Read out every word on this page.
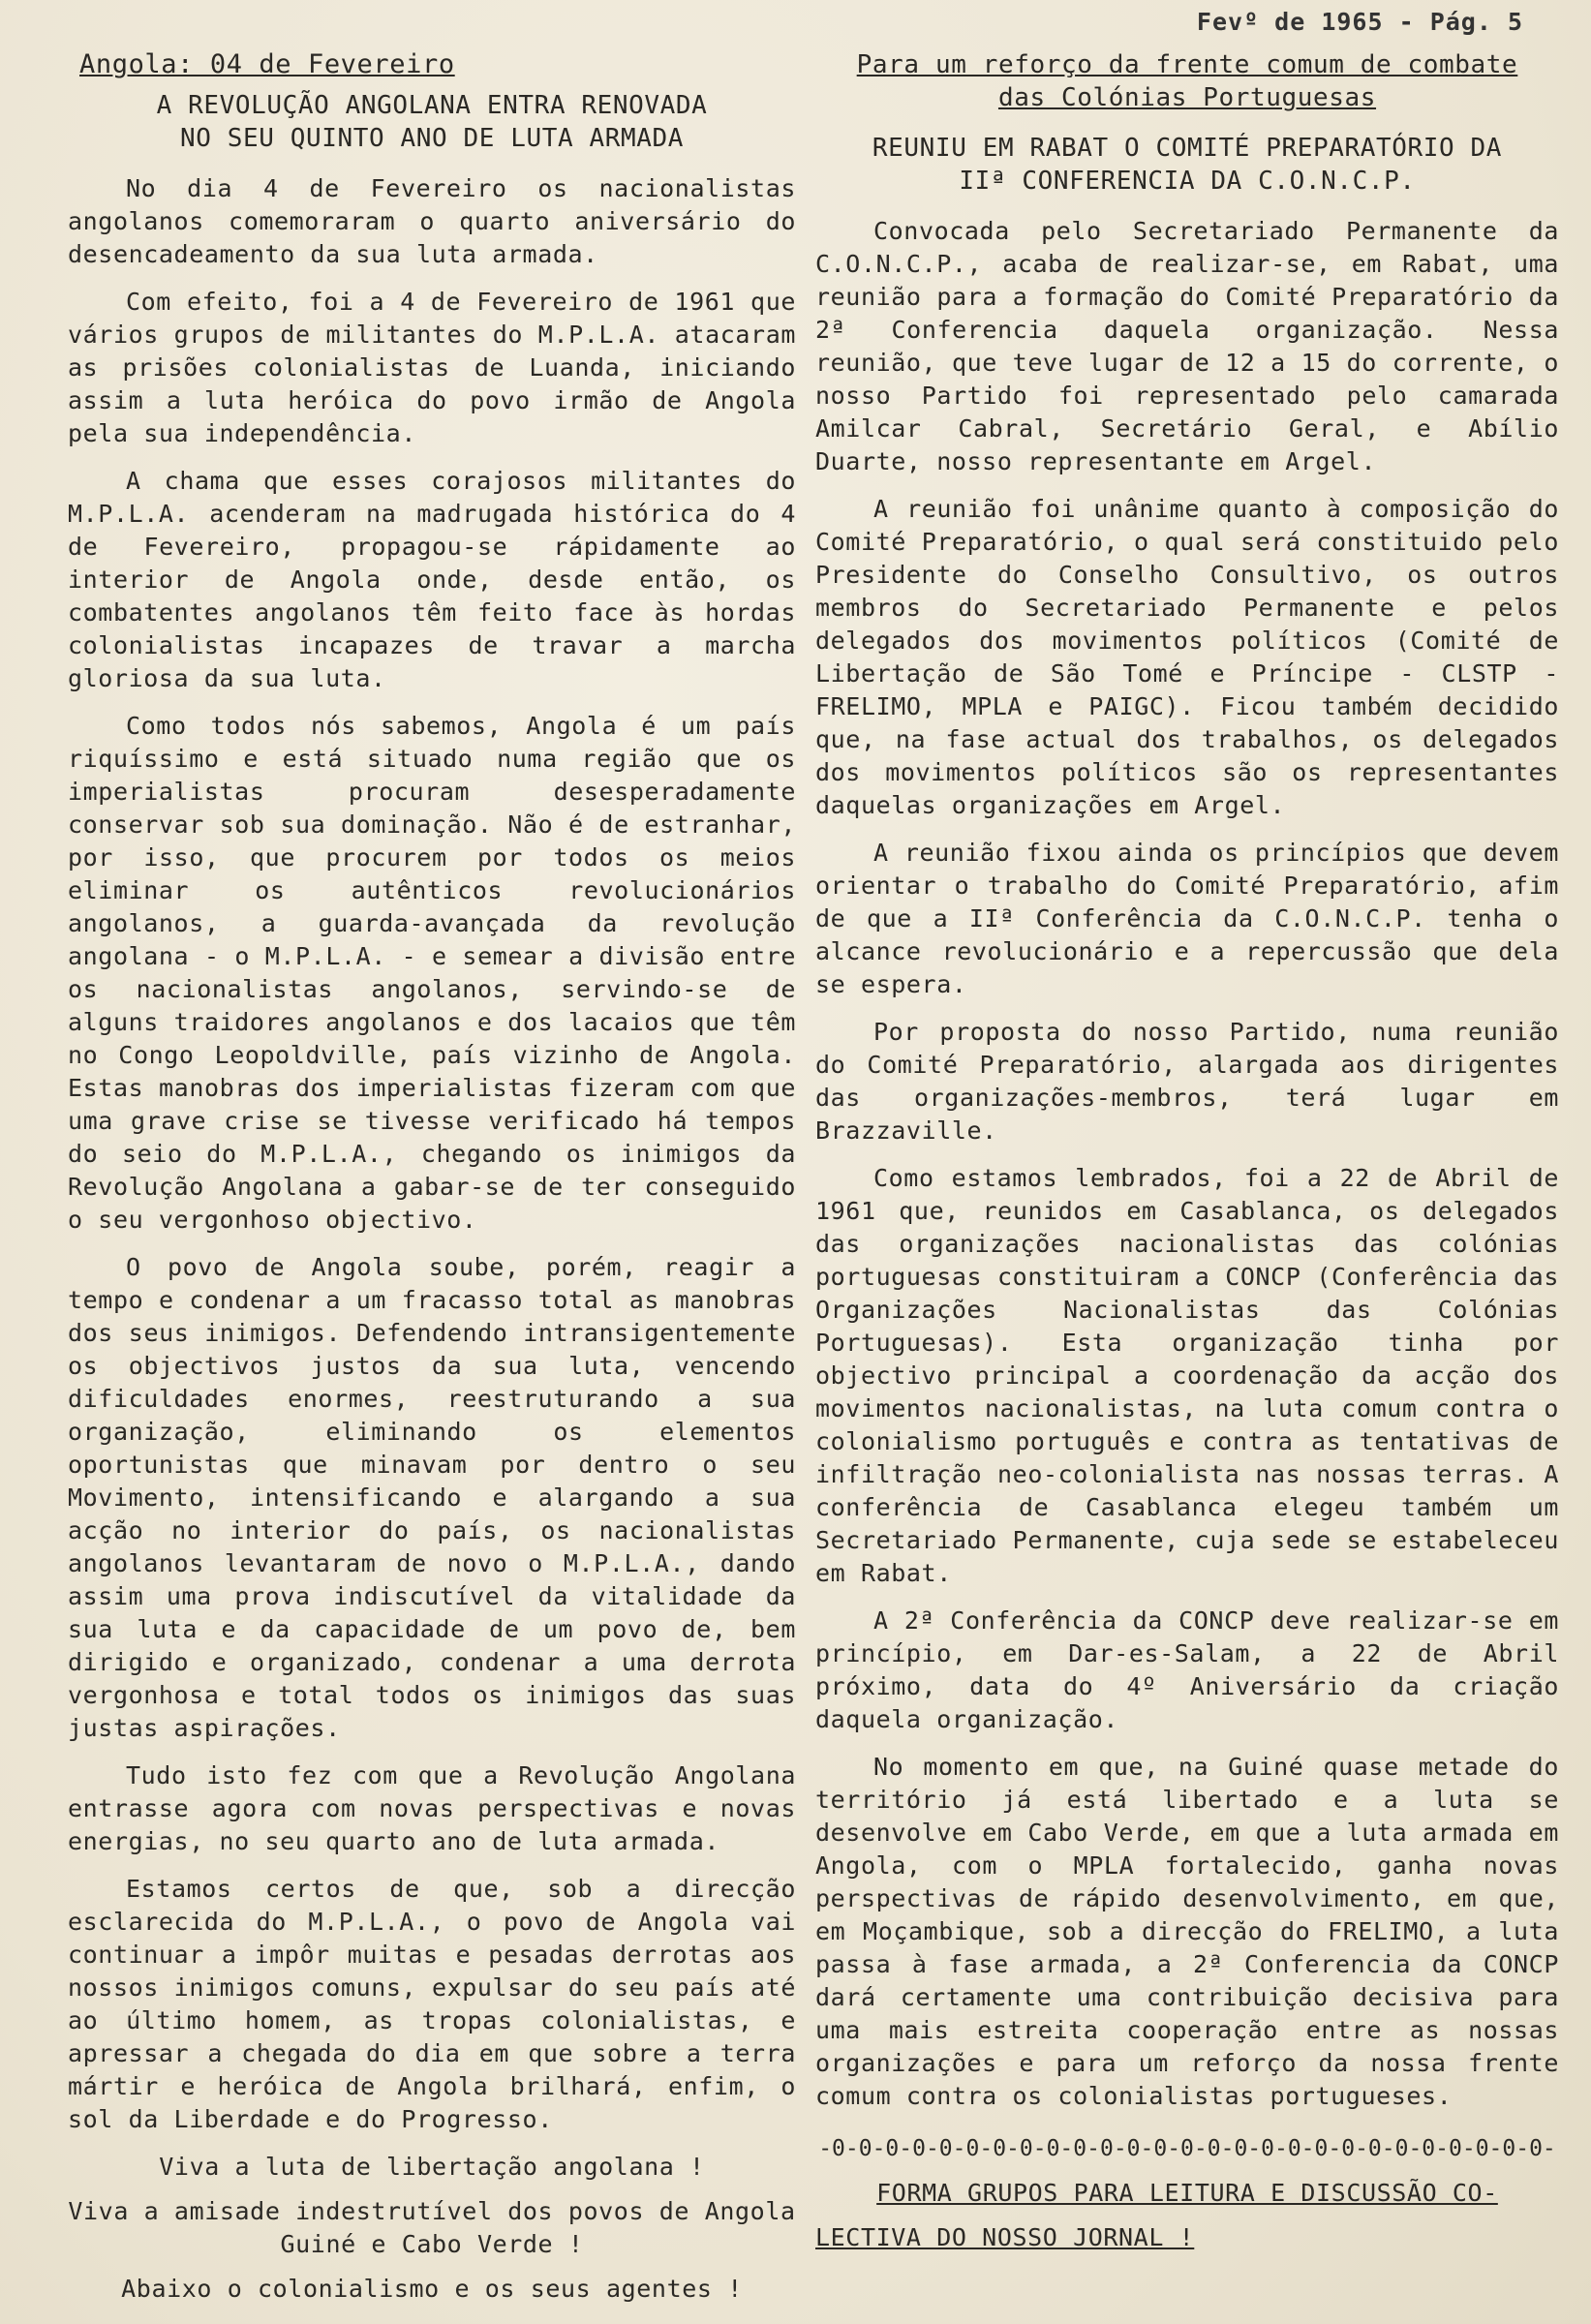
Fevº de 1965 - Pág. 5
Angola: 04 de Fevereiro
A REVOLUÇÃO ANGOLANA ENTRA RENOVADA
NO SEU QUINTO ANO DE LUTA ARMADA

No dia 4 de Fevereiro os nacionalistas angolanos comemoraram o quarto aniversário do desencadeamento da sua luta armada.

Com efeito, foi a 4 de Fevereiro de 1961 que vários grupos de militantes do M.P.L.A. atacaram as prisões colonialistas de Luanda, iniciando assim a luta heróica do povo irmão de Angola pela sua independência.

A chama que esses corajosos militantes do M.P.L.A. acenderam na madrugada histórica do 4 de Fevereiro, propagou-se rápidamente ao interior de Angola onde, desde então, os combatentes angolanos têm feito face às hordas colonialistas incapazes de travar a marcha gloriosa da sua luta.

Como todos nós sabemos, Angola é um país riquíssimo e está situado numa região que os imperialistas procuram desesperadamente conservar sob sua dominação. Não é de estranhar, por isso, que procurem por todos os meios eliminar os autênticos revolucionários angolanos, a guarda-avançada da revolução angolana - o M.P.L.A. - e semear a divisão entre os nacionalistas angolanos, servindo-se de alguns traidores angolanos e dos lacaios que têm no Congo Leopoldville, país vizinho de Angola. Estas manobras dos imperialistas fizeram com que uma grave crise se tivesse verificado há tempos do seio do M.P.L.A., chegando os inimigos da Revolução Angolana a gabar-se de ter conseguido o seu vergonhoso objectivo.

O povo de Angola soube, porém, reagir a tempo e condenar a um fracasso total as manobras dos seus inimigos. Defendendo intransigentemente os objectivos justos da sua luta, vencendo dificuldades enormes, reestruturando a sua organização, eliminando os elementos oportunistas que minavam por dentro o seu Movimento, intensificando e alargando a sua acção no interior do país, os nacionalistas angolanos levantaram de novo o M.P.L.A., dando assim uma prova indiscutível da vitalidade da sua luta e da capacidade de um povo de, bem dirigido e organizado, condenar a uma derrota vergonhosa e total todos os inimigos das suas justas aspirações.

Tudo isto fez com que a Revolução Angolana entrasse agora com novas perspectivas e novas energias, no seu quarto ano de luta armada.

Estamos certos de que, sob a direcção esclarecida do M.P.L.A., o povo de Angola vai continuar a impôr muitas e pesadas derrotas aos nossos inimigos comuns, expulsar do seu país até ao último homem, as tropas colonialistas, e apressar a chegada do dia em que sobre a terra mártir e heróica de Angola brilhará, enfim, o sol da Liberdade e do Progresso.

Viva a luta de libertação angolana !
Viva a amisade indestrutível dos povos de Angola
Guiné e Cabo Verde !
Abaixo o colonialismo e os seus agentes !
Para um reforço da frente comum de combate
das Colónias Portuguesas
REUNIU EM RABAT O COMITÉ PREPARATÓRIO DA
IIª CONFERENCIA DA C.O.N.C.P.

Convocada pelo Secretariado Permanente da C.O.N.C.P., acaba de realizar-se, em Rabat, uma reunião para a formação do Comité Preparatório da 2ª Conferencia daquela organização. Nessa reunião, que teve lugar de 12 a 15 do corrente, o nosso Partido foi representado pelo camarada Amilcar Cabral, Secretário Geral, e Abílio Duarte, nosso representante em Argel.

A reunião foi unânime quanto à composição do Comité Preparatório, o qual será constituido pelo Presidente do Conselho Consultivo, os outros membros do Secretariado Permanente e pelos delegados dos movimentos políticos (Comité de Libertação de São Tomé e Príncipe - CLSTP - FRELIMO, MPLA e PAIGC). Ficou também decidido que, na fase actual dos trabalhos, os delegados dos movimentos políticos são os representantes daquelas organizações em Argel.

A reunião fixou ainda os princípios que devem orientar o trabalho do Comité Preparatório, afim de que a IIª Conferência da C.O.N.C.P. tenha o alcance revolucionário e a repercussão que dela se espera.

Por proposta do nosso Partido, numa reunião do Comité Preparatório, alargada aos dirigentes das organizações-membros, terá lugar em Brazzaville.

Como estamos lembrados, foi a 22 de Abril de 1961 que, reunidos em Casablanca, os delegados das organizações nacionalistas das colónias portuguesas constituiram a CONCP (Conferência das Organizações Nacionalistas das Colónias Portuguesas). Esta organização tinha por objectivo principal a coordenação da acção dos movimentos nacionalistas, na luta comum contra o colonialismo português e contra as tentativas de infiltração neo-colonialista nas nossas terras. A conferência de Casablanca elegeu também um Secretariado Permanente, cuja sede se estabeleceu em Rabat.

A 2ª Conferência da CONCP deve realizar-se em princípio, em Dar-es-Salam, a 22 de Abril próximo, data do 4º Aniversário da criação daquela organização.

No momento em que, na Guiné quase metade do território já está libertado e a luta se desenvolve em Cabo Verde, em que a luta armada em Angola, com o MPLA fortalecido, ganha novas perspectivas de rápido desenvolvimento, em que, em Moçambique, sob a direcção do FRELIMO, a luta passa à fase armada, a 2ª Conferencia da CONCP dará certamente uma contribuição decisiva para uma mais estreita cooperação entre as nossas organizações e para um reforço da nossa frente comum contra os colonialistas portugueses.

-0-0-0-0-0-0-0-0-0-0-0-0-0-0-0-0-0-0-0-0-0-0-0-0-0-0-0-
FORMA GRUPOS PARA LEITURA E DISCUSSÃO CO-
LECTIVA DO NOSSO JORNAL !
